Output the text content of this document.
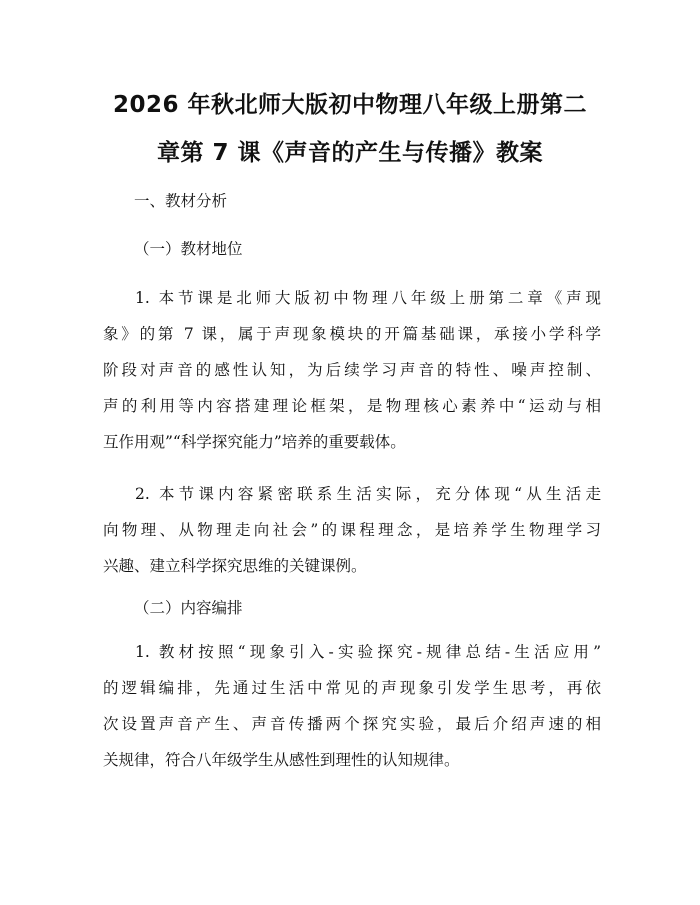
2026 年秋北师大版初中物理八年级上册第二
章第 7 课《声音的产生与传播》教案
一、教材分析
（一）教材地位
1. 本节课是北师大版初中物理八年级上册第二章《声现
象》的第 7 课，属于声现象模块的开篇基础课，承接小学科学
阶段对声音的感性认知，为后续学习声音的特性、噪声控制、
声的利用等内容搭建理论框架，是物理核心素养中“运动与相
互作用观”“科学探究能力”培养的重要载体。
2. 本节课内容紧密联系生活实际，充分体现“从生活走
向物理、从物理走向社会”的课程理念，是培养学生物理学习
兴趣、建立科学探究思维的关键课例。
（二）内容编排
1. 教材按照“现象引入-实验探究-规律总结-生活应用”
的逻辑编排，先通过生活中常见的声现象引发学生思考，再依
次设置声音产生、声音传播两个探究实验，最后介绍声速的相
关规律，符合八年级学生从感性到理性的认知规律。
